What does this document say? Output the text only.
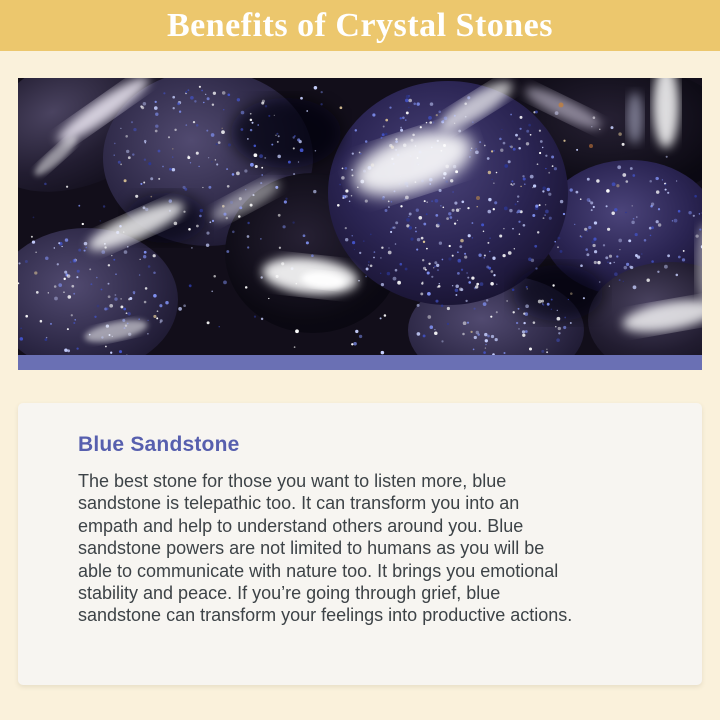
Benefits of Crystal Stones
Blue Sandstone
The best stone for those you want to listen more, blue
sandstone is telepathic too. It can transform you into an
empath and help to understand others around you. Blue
sandstone powers are not limited to humans as you will be
able to communicate with nature too. It brings you emotional
stability and peace. If you’re going through grief, blue
sandstone can transform your feelings into productive actions.
